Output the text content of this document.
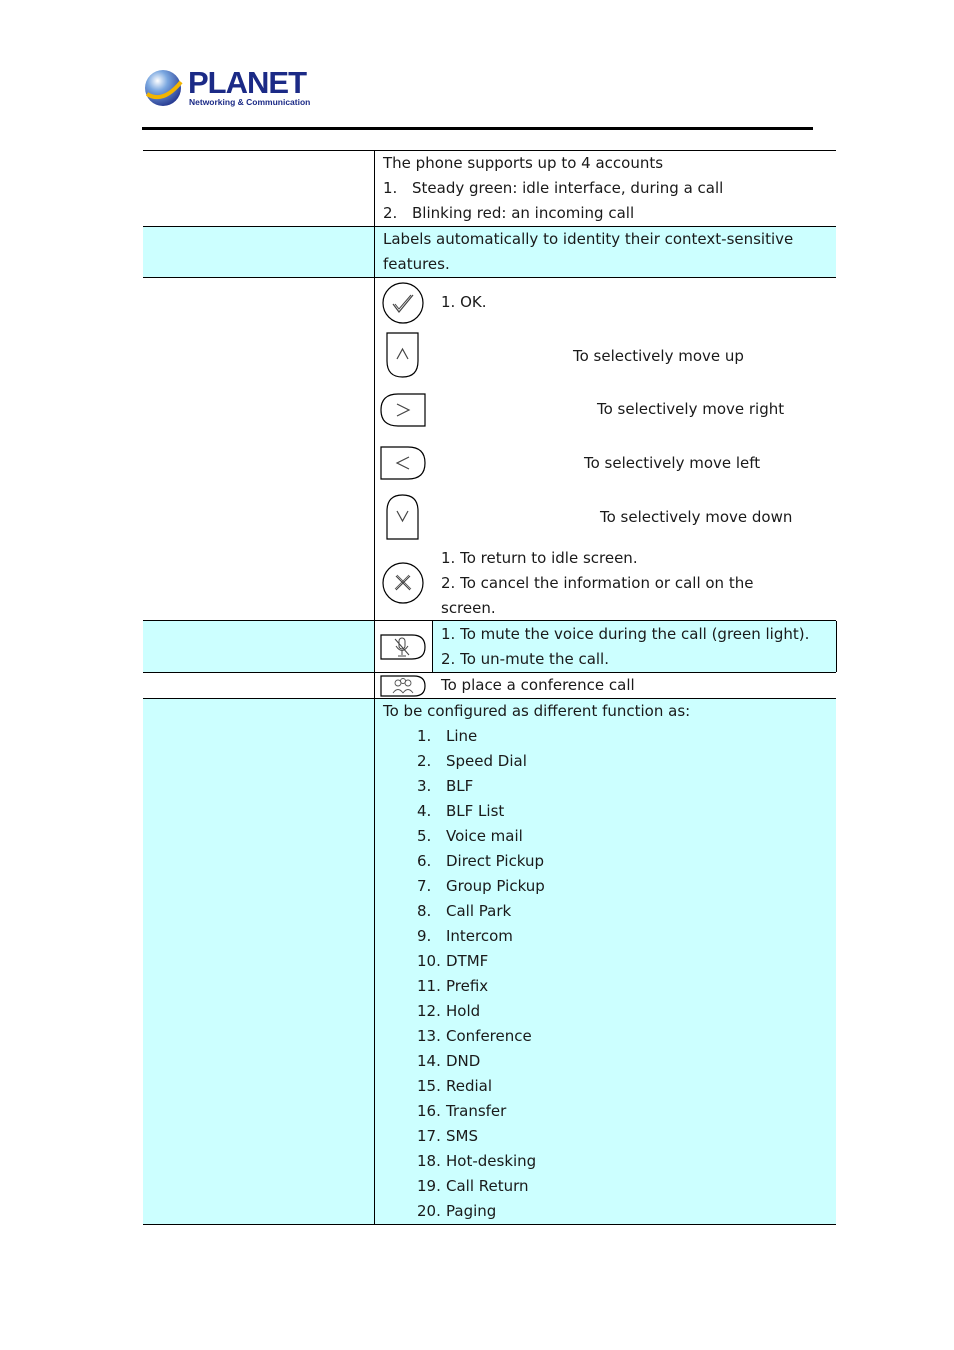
PLANET
Networking & Communication
The phone supports up to 4 accounts
1. Steady green: idle interface, during a call
2. Blinking red: an incoming call
Labels automatically to identity their context-sensitive
features.
1. OK.
To selectively move up
To selectively move right
To selectively move left
To selectively move down
1. To return to idle screen.
2. To cancel the information or call on the
screen.
1. To mute the voice during the call (green light).
2. To un-mute the call.
To place a conference call
To be configured as different function as:
1. Line
2. Speed Dial
3. BLF
4. BLF List
5. Voice mail
6. Direct Pickup
7. Group Pickup
8. Call Park
9. Intercom
10. DTMF
11. Prefix
12. Hold
13. Conference
14. DND
15. Redial
16. Transfer
17. SMS
18. Hot-desking
19. Call Return
20. Paging
